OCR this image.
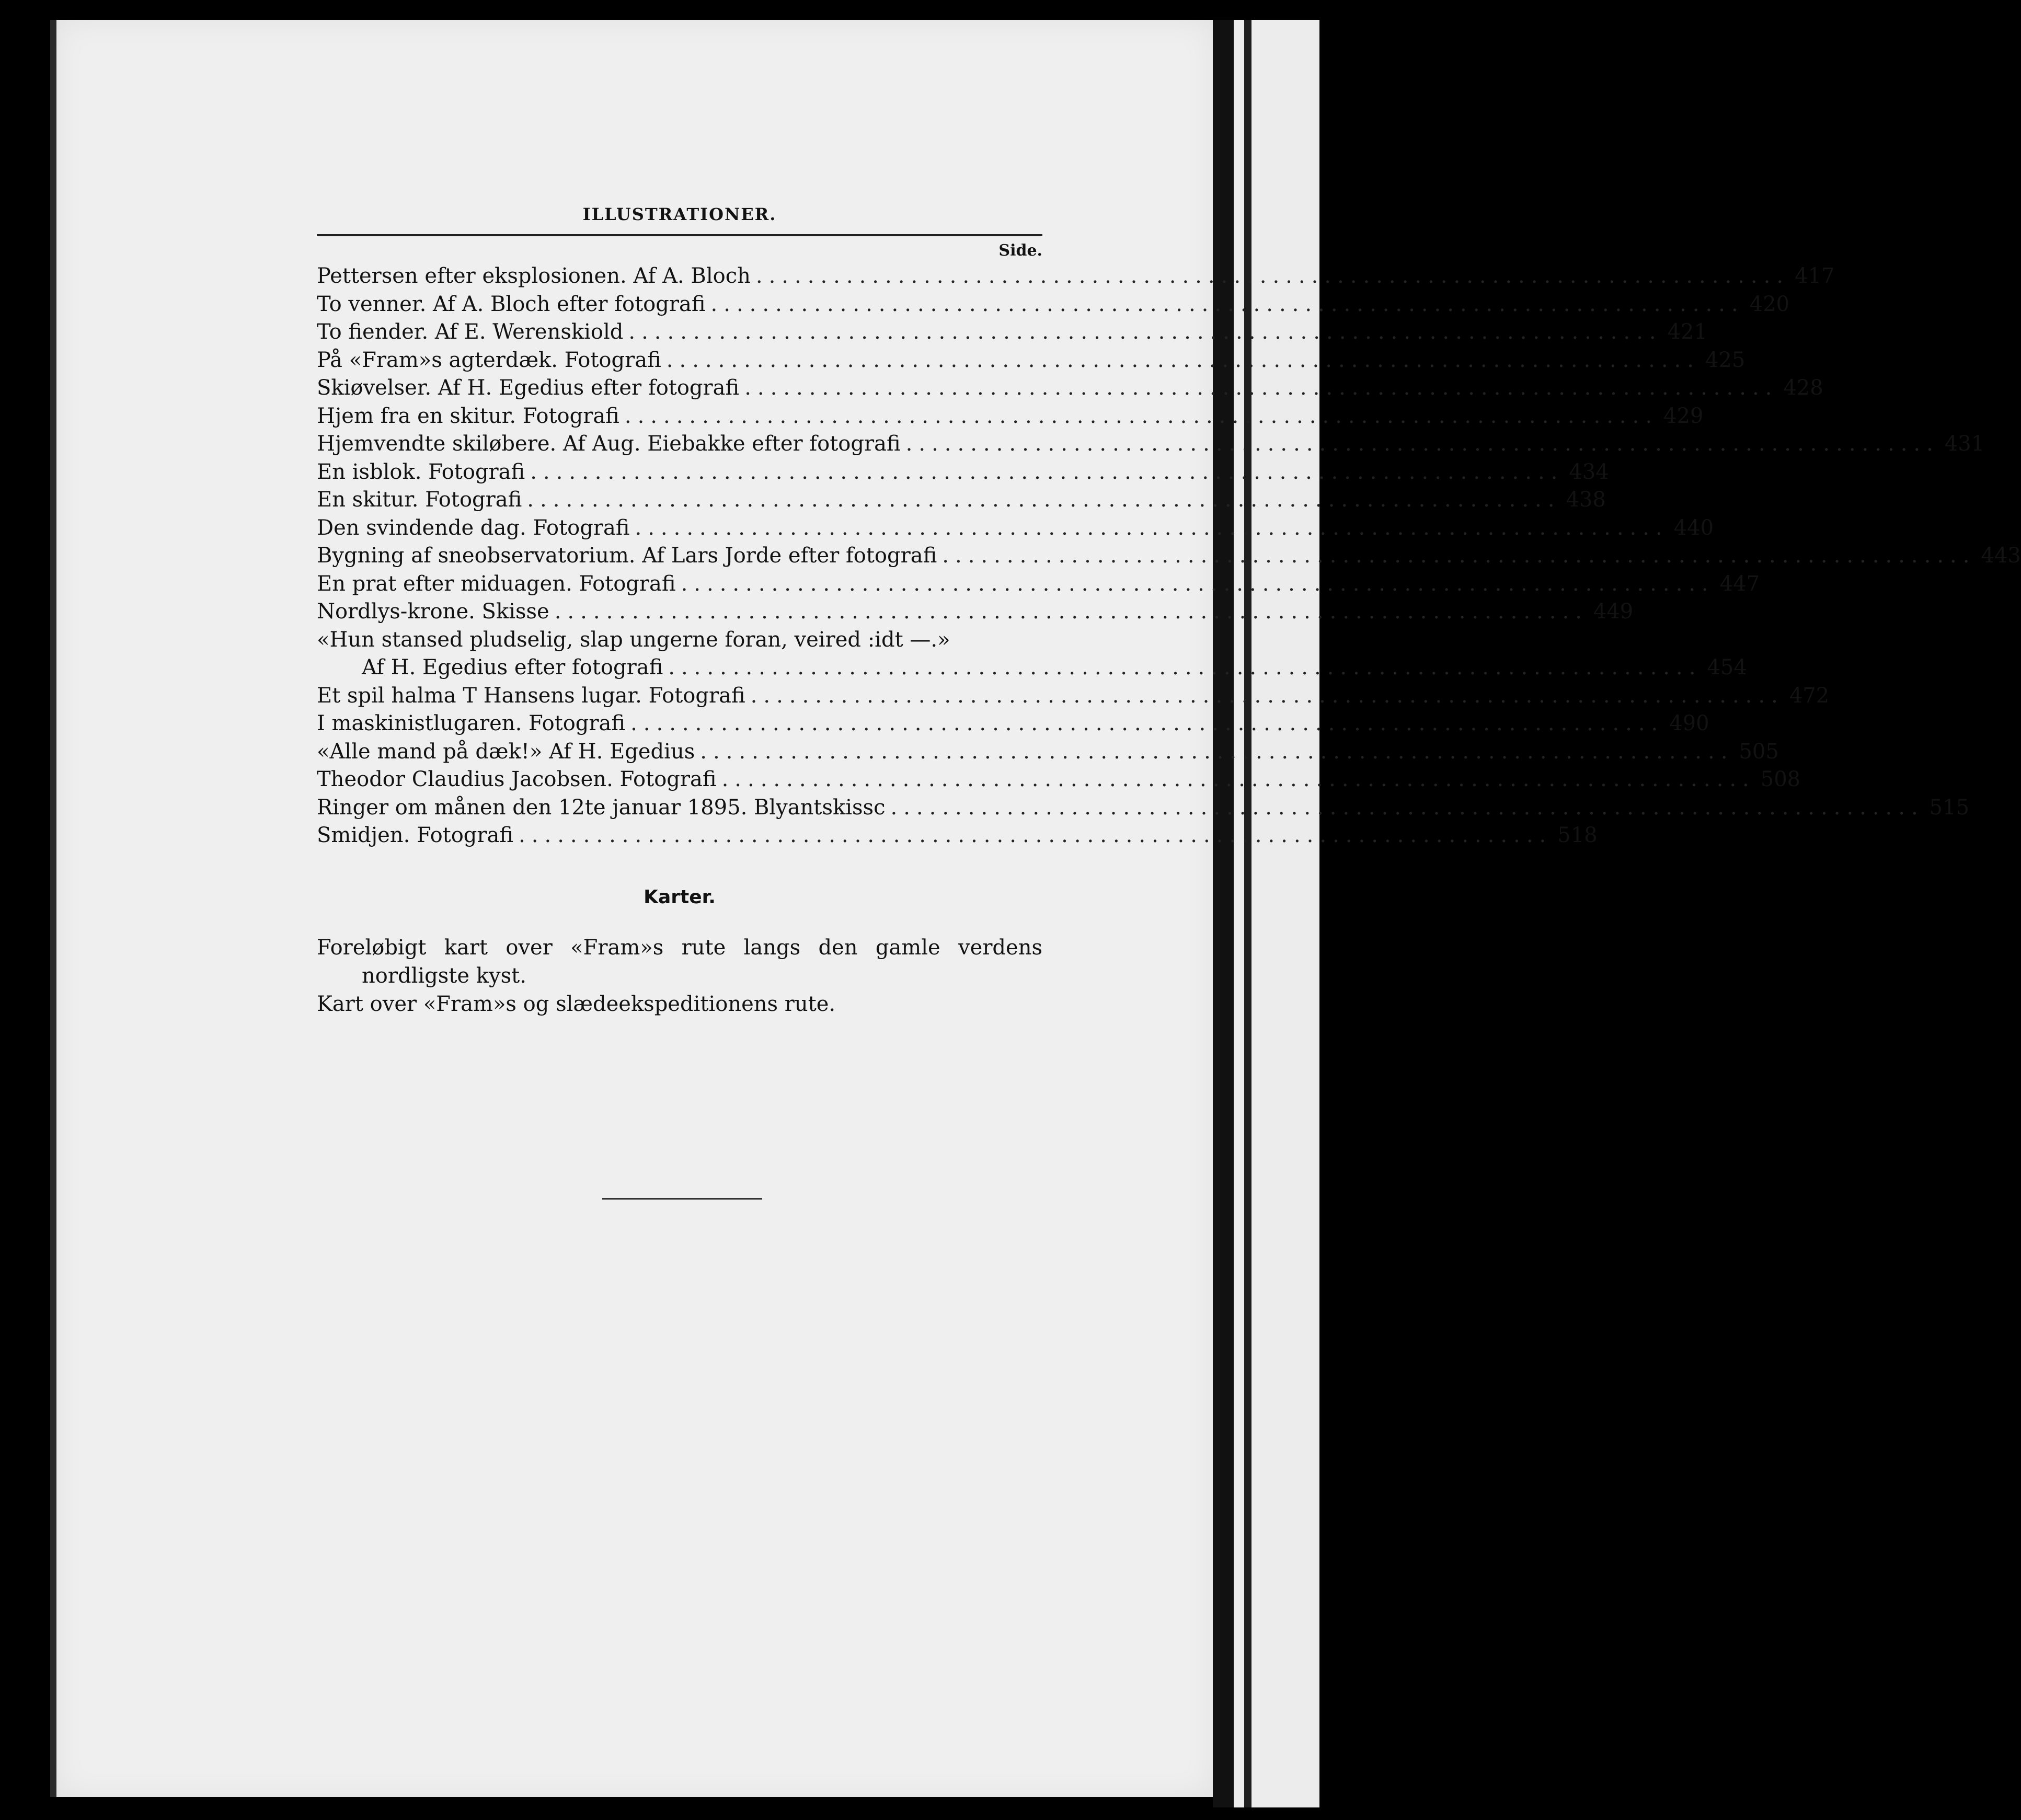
ILLUSTRATIONER.
Side.
Pettersen efter eksplosionen. Af A. Bloch ................................................................................ 417
To venner. Af A. Bloch efter fotografi ................................................................................ 420
To fiender. Af E. Werenskiold ................................................................................ 421
På «Fram»s agterdæk. Fotografi ................................................................................ 425
Skiøvelser. Af H. Egedius efter fotografi ................................................................................ 428
Hjem fra en skitur. Fotografi ................................................................................ 429
Hjemvendte skiløbere. Af Aug. Eiebakke efter fotografi ................................................................................ 431
En isblok. Fotografi ................................................................................ 434
En skitur. Fotografi ................................................................................ 438
Den svindende dag. Fotografi ................................................................................ 440
Bygning af sneobservatorium. Af Lars Jorde efter fotografi ................................................................................ 443
En prat efter miduagen. Fotografi ................................................................................ 447
Nordlys-krone. Skisse ................................................................................ 449
«Hun stansed pludselig, slap ungerne foran, veired :idt —.»
Af H. Egedius efter fotografi ................................................................................ 454
Et spil halma T Hansens lugar. Fotografi ................................................................................ 472
I maskinistlugaren. Fotografi ................................................................................ 490
«Alle mand på dæk!» Af H. Egedius ................................................................................ 505
Theodor Claudius Jacobsen. Fotografi ................................................................................ 508
Ringer om månen den 12te januar 1895. Blyantskissc ................................................................................ 515
Smidjen. Fotografi ................................................................................ 518
Karter.
Foreløbigt kart over «Fram»s rute langs den gamle verdens
nordligste kyst.
Kart over «Fram»s og slædeekspeditionens rute.
